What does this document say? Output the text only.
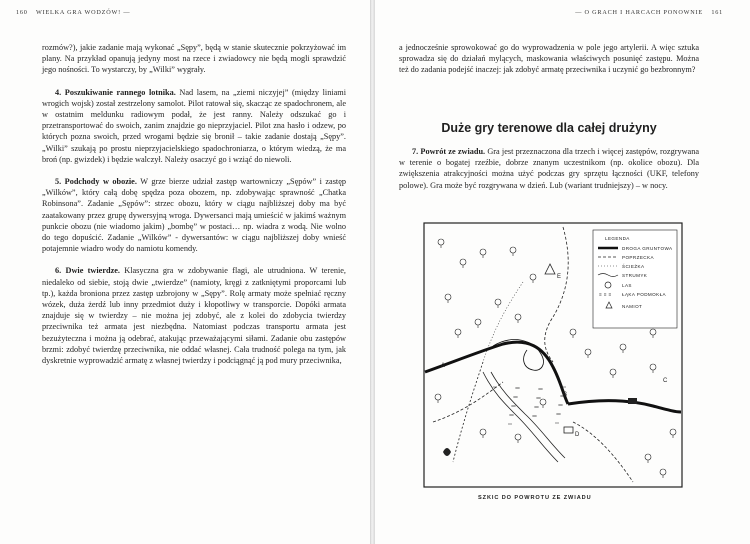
160 WIELKA GRA WODZÓW! —

rozmów?), jakie zadanie mają wykonać „Sępy”, będą w stanie skutecznie pokrzyżować im plany. Na przykład opanują jedyny most na rzece i zwiadowcy nie będą mogli sprawdzić jego nośności. To wystarczy, by „Wilki” wygrały.

4. Poszukiwanie rannego lotnika. Nad lasem, na „ziemi niczyjej” (między liniami wrogich wojsk) został zestrzelony samolot. Pilot ratował się, skacząc ze spadochronem, ale w ostatnim meldunku radiowym podał, że jest ranny. Należy odszukać go i przetransportować do swoich, zanim znajdzie go nieprzyjaciel. Pilot zna hasło i odzew, po których pozna swoich, przed wrogami będzie się bronił – takie zadanie dostają „Sępy”. „Wilki” szukają po prostu nieprzyjacielskiego spadochroniarza, o którym wiedzą, że ma broń (np. gwizdek) i będzie walczył. Należy osaczyć go i wziąć do niewoli.

5. Podchody w obozie. W grze bierze udział zastęp wartowniczy „Sępów” i zastęp „Wilków”, który całą dobę spędza poza obozem, np. zdobywając sprawność „Chatka Robinsona”. Zadanie „Sępów”: strzec obozu, który w ciągu najbliższej doby ma być zaatakowany przez grupę dywersyjną wroga. Dywersanci mają umieścić w jakimś ważnym punkcie obozu (nie wiadomo jakim) „bombę” w postaci… np. wiadra z wodą. Nie wolno do tego dopuścić. Zadanie „Wilków” - dywersantów: w ciągu najbliższej doby wnieść potajemnie wiadro wody do namiotu komendy.

6. Dwie twierdze. Klasyczna gra w zdobywanie flagi, ale utrudniona. W terenie, niedaleko od siebie, stoją dwie „twierdze” (namioty, kręgi z zatkniętymi proporcami lub tp.), każda broniona przez zastęp uzbrojony w „Sępy”. Rolę armaty może spełniać ręczny wózek, duża żerdź lub inny przedmiot duży i kłopotliwy w transporcie. Dopóki armata znajduje się w twierdzy – nie można jej zdobyć, ale z kolei do zdobycia twierdzy przeciwnika też armata jest niezbędna. Natomiast podczas transportu armata jest bezużyteczna i można ją odebrać, atakując przeważającymi siłami. Zadanie obu zastępów brzmi: zdobyć twierdzę przeciwnika, nie oddać własnej. Cała trudność polega na tym, jak dyskretnie wyprowadzić armatę z własnej twierdzy i podciągnąć ją pod mury przeciwnika,

— O GRACH I HARCACH PONOWNIE 161

a jednocześnie sprowokować go do wyprowadzenia w pole jego artylerii. A więc sztuka sprowadza się do działań mylących, maskowania właściwych posunięć zastępu. Można też do zadania podejść inaczej: jak zdobyć armatę przeciwnika i uczynić go bezbronnym?

Duże gry terenowe dla całej drużyny

7. Powrót ze zwiadu. Gra jest przeznaczona dla trzech i więcej zastępów, rozgrywana w terenie o bogatej rzeźbie, dobrze znanym uczestnikom (np. okolice obozu). Dla zwiększenia atrakcyjności można użyć podczas gry sprzętu łączności (UKF, telefony polowe). Gra może być rozgrywana w dzień. Lub (wariant trudniejszy) – w nocy.

LEGENDA
DROGA GRUNTOWA
POPRZECKA
ŚCIEŻKA
STRUMYK
LAS
≡ ≡ ≡ ŁĄKA PODMOKŁA
NAMIOT
A
B
C
D
E
SZKIC DO POWROTU ZE ZWIADU
